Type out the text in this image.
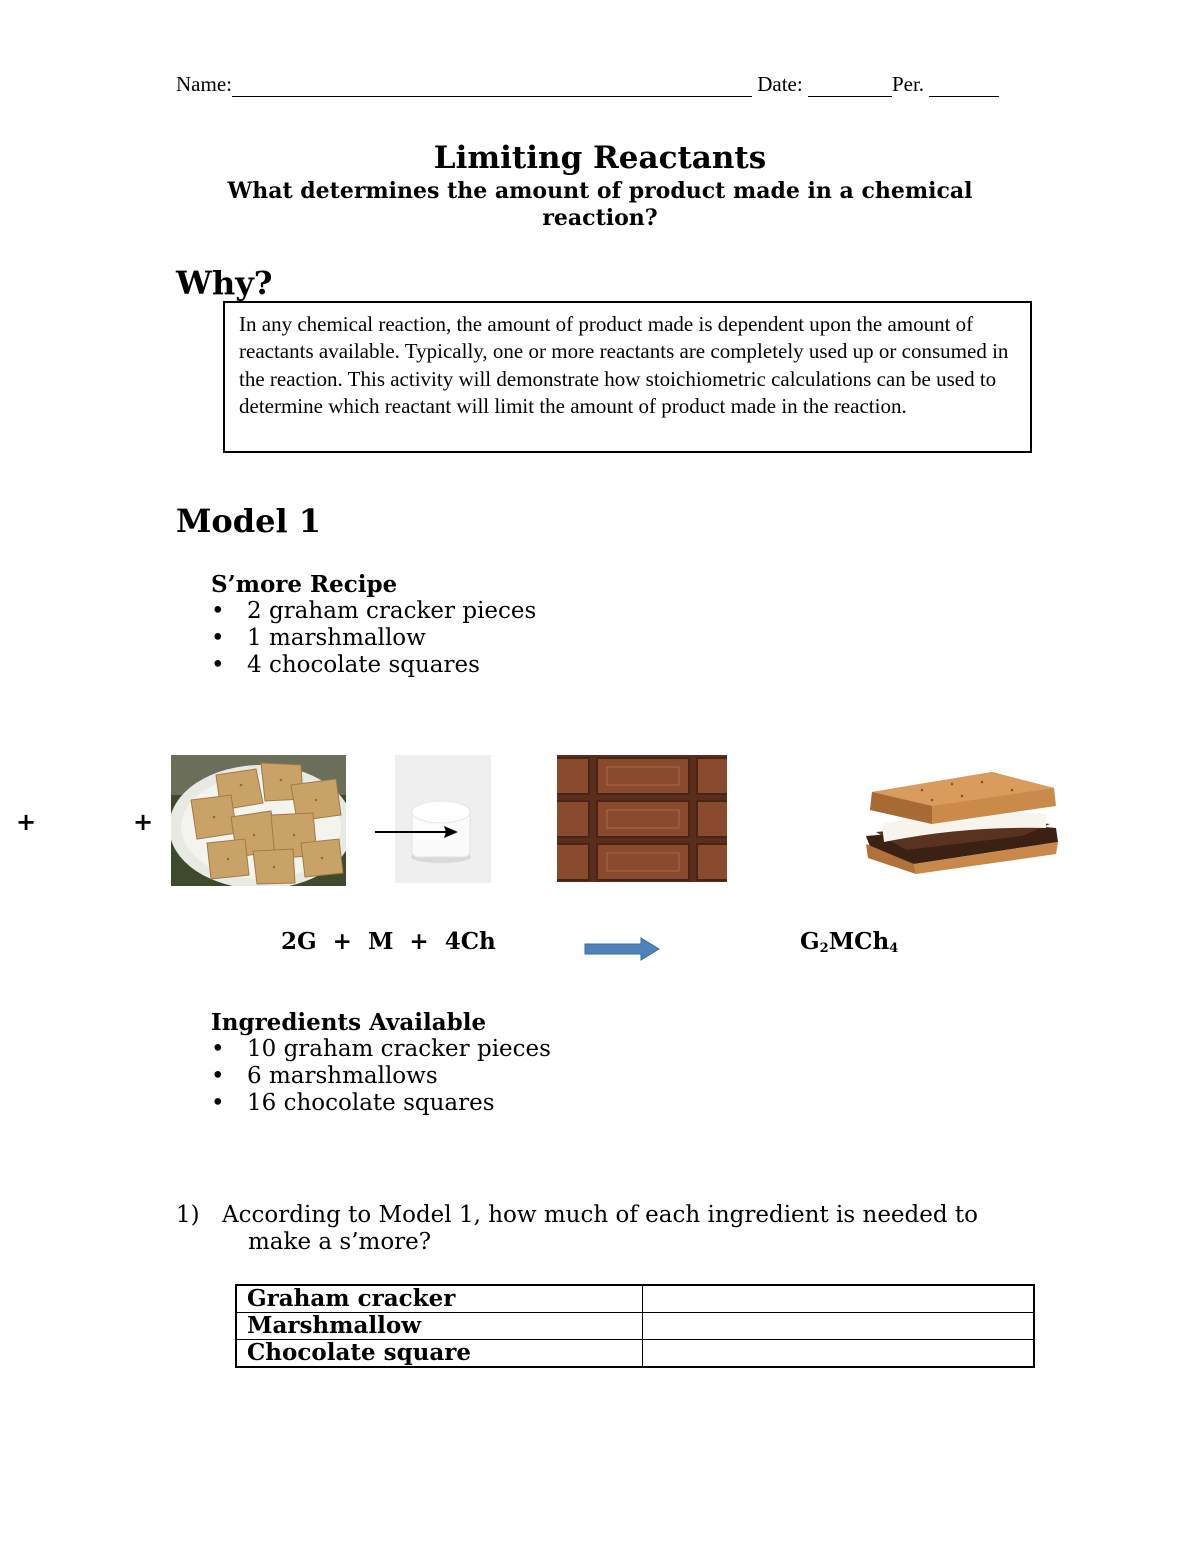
Name:	Date:	Per.
Limiting Reactants
What determines the amount of product made in a chemical reaction?
Why?

In any chemical reaction, the amount of product made is dependent upon the amount of reactants available. Typically, one or more reactants are completely used up or consumed in the reaction. This activity will demonstrate how stoichiometric calculations can be used to determine which reactant will limit the amount of product made in the reaction.

Model 1
S’more Recipe
• 2 graham cracker pieces
• 1 marshmallow
• 4 chocolate squares
+	+
2G  +  M  +  4Ch	$G_2MCh_4$
Ingredients Available
• 10 graham cracker pieces
• 6 marshmallows
• 16 chocolate squares
1) According to Model 1, how much of each ingredient is needed to
make a s’more?
Graham cracker	
Marshmallow	
Chocolate square	
